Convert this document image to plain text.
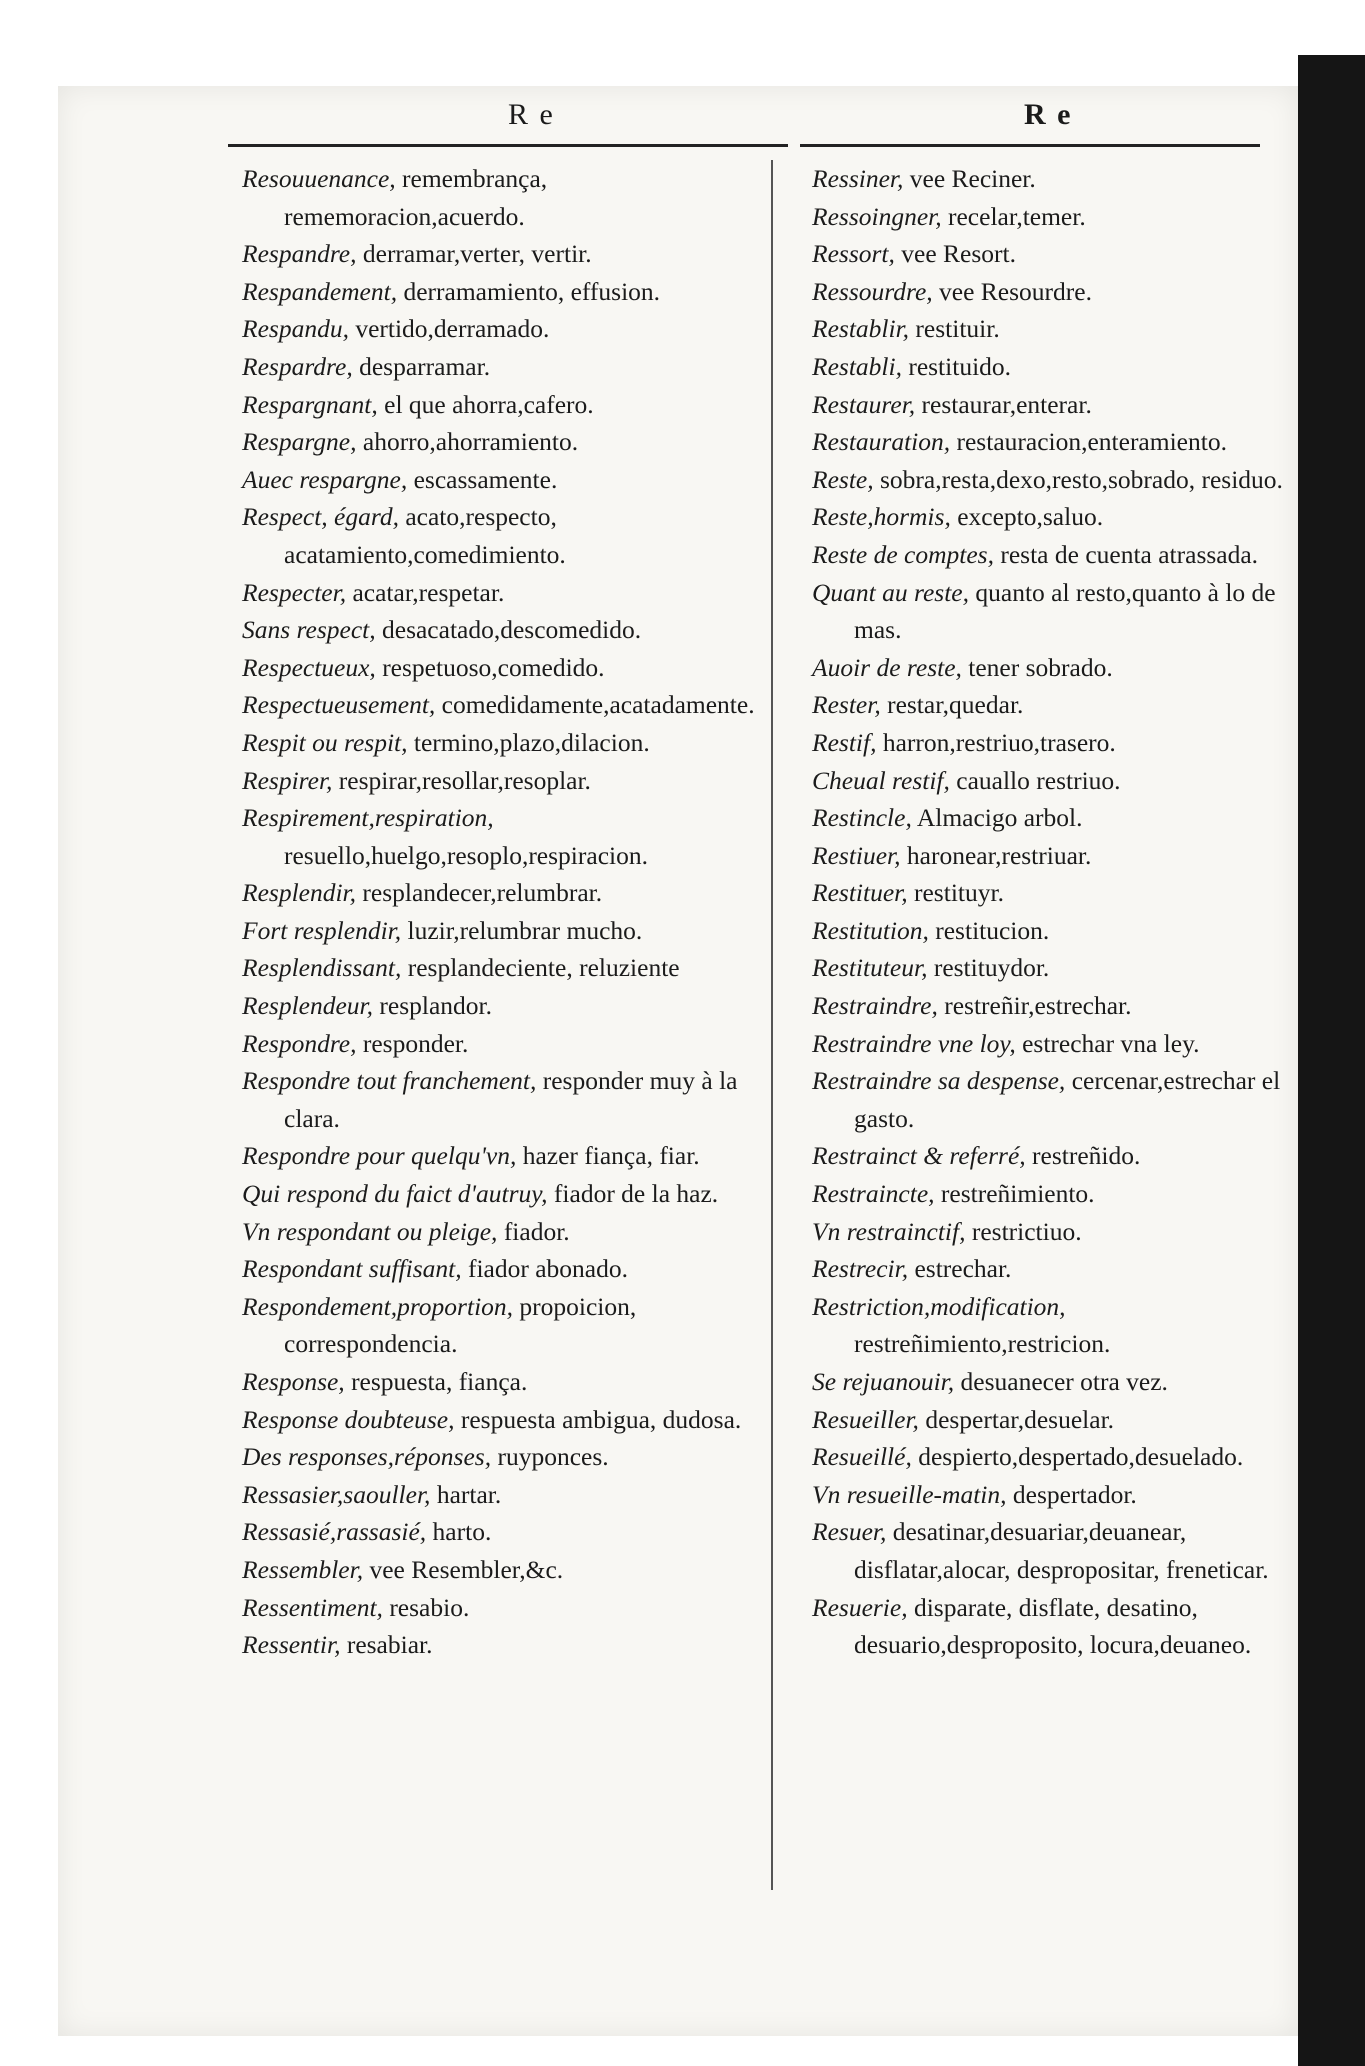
R e	R e
Resouuenance, remembrança, rememoracion,acuerdo.
Respandre, derramar,verter, vertir.
Respandement, derramamiento, effusion.
Respandu, vertido,derramado.
Respardre, desparramar.
Respargnant, el que ahorra,cafero.
Respargne, ahorro,ahorramiento.
Auec respargne, escassamente.
Respect, égard, acato,respecto, acatamiento,comedimiento.
Respecter, acatar,respetar.
Sans respect, desacatado,descomedido.
Respectueux, respetuoso,comedido.
Respectueusement, comedidamente,acatadamente.
Respit ou respit, termino,plazo,dilacion.
Respirer, respirar,resollar,resoplar.
Respirement,respiration, resuello,huelgo,resoplo,respiracion.
Resplendir, resplandecer,relumbrar.
Fort resplendir, luzir,relumbrar mucho.
Resplendissant, resplandeciente, reluziente
Resplendeur, resplandor.
Respondre, responder.
Respondre tout franchement, responder muy à la clara.
Respondre pour quelqu'vn, hazer fiança, fiar.
Qui respond du faict d'autruy, fiador de la haz.
Vn respondant ou pleige, fiador.
Respondant suffisant, fiador abonado.
Respondement,proportion, propoicion, correspondencia.
Response, respuesta, fiança.
Response doubteuse, respuesta ambigua, dudosa.
Des responses,réponses, ruyponces.
Ressasier,saouller, hartar.
Ressasié,rassasié, harto.
Ressembler, vee Resembler,&c.
Ressentiment, resabio.
Ressentir, resabiar.
Ressiner, vee Reciner.
Ressoingner, recelar,temer.
Ressort, vee Resort.
Ressourdre, vee Resourdre.
Restablir, restituir.
Restabli, restituido.
Restaurer, restaurar,enterar.
Restauration, restauracion,enteramiento.
Reste, sobra,resta,dexo,resto,sobrado, residuo.
Reste,hormis, excepto,saluo.
Reste de comptes, resta de cuenta atrassada.
Quant au reste, quanto al resto,quanto à lo de mas.
Auoir de reste, tener sobrado.
Rester, restar,quedar.
Restif, harron,restriuo,trasero.
Cheual restif, cauallo restriuo.
Restincle, Almacigo arbol.
Restiuer, haronear,restriuar.
Restituer, restituyr.
Restitution, restitucion.
Restituteur, restituydor.
Restraindre, restreñir,estrechar.
Restraindre vne loy, estrechar vna ley.
Restraindre sa despense, cercenar,estrechar el gasto.
Restrainct & referré, restreñido.
Restraincte, restreñimiento.
Vn restrainctif, restrictiuo.
Restrecir, estrechar.
Restriction,modification, restreñimiento,restricion.
Se rejuanouir, desuanecer otra vez.
Resueiller, despertar,desuelar.
Resueillé, despierto,despertado,desuelado.
Vn resueille-matin, despertador.
Resuer, desatinar,desuariar,deuanear, disflatar,alocar, despropositar, freneticar.
Resuerie, disparate, disflate, desatino, desuario,desproposito, locura,deuaneo.
